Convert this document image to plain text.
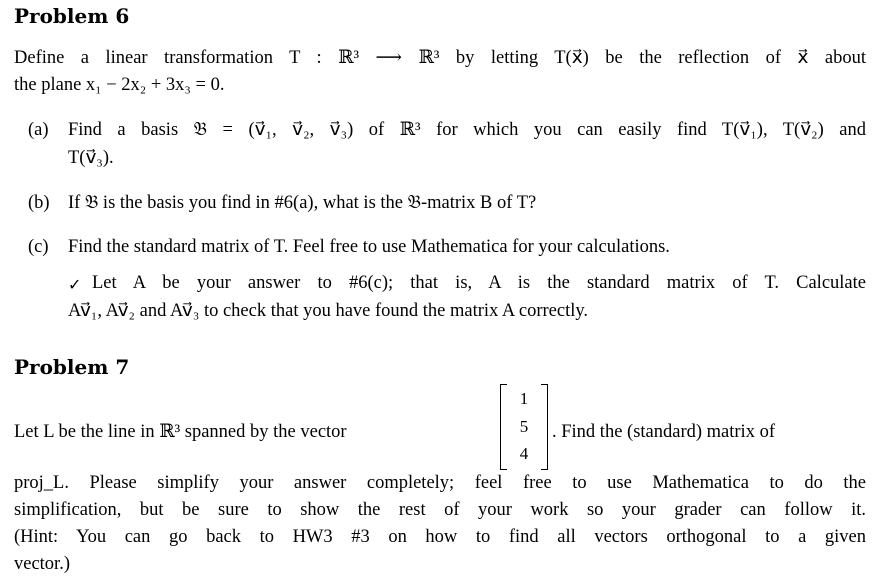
Problem 6
Define a linear transformation T : ℝ³ ⟶ ℝ³ by letting T(x⃗) be the reflection of x⃗ about
the plane x₁ − 2x₂ + 3x₃ = 0.
(a) Find a basis 𝔅 = (v⃗₁, v⃗₂, v⃗₃) of ℝ³ for which you can easily find T(v⃗₁), T(v⃗₂) and
T(v⃗₃).
(b) If 𝔅 is the basis you find in #6(a), what is the 𝔅-matrix B of T?
(c) Find the standard matrix of T. Feel free to use Mathematica for your calculations.
✓ Let A be your answer to #6(c); that is, A is the standard matrix of T. Calculate
Av⃗₁, Av⃗₂ and Av⃗₃ to check that you have found the matrix A correctly.
Problem 7
Let L be the line in ℝ³ spanned by the vector
1
5
4
. Find the (standard) matrix of
proj_L. Please simplify your answer completely; feel free to use Mathematica to do the
simplification, but be sure to show the rest of your work so your grader can follow it.
(Hint: You can go back to HW3 #3 on how to find all vectors orthogonal to a given
vector.)
